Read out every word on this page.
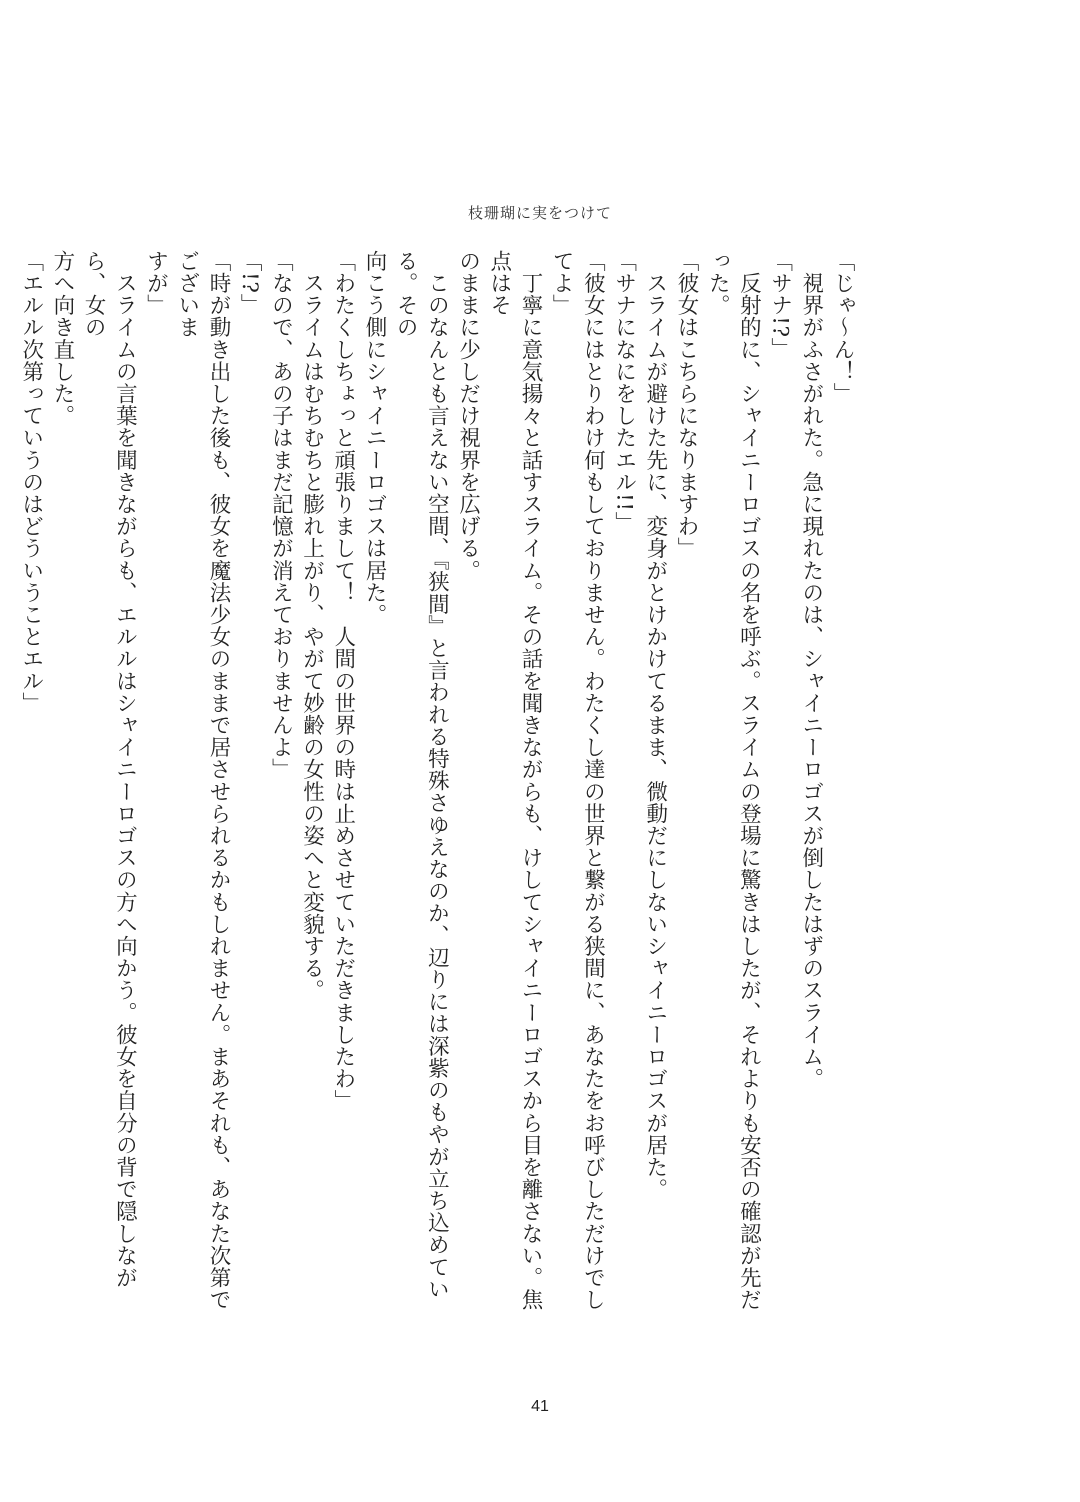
枝珊瑚に実をつけて
「じゃ〜ん！」
　視界がふさがれた。急に現れたのは、シャイニーロゴスが倒したはずのスライム。
「サナ!?」
　反射的に、シャイニーロゴスの名を呼ぶ。スライムの登場に驚きはしたが、それよりも安否の確認が先だった。
「彼女はこちらになりますわ」
　スライムが避けた先に、変身がとけかけてるまま、微動だにしないシャイニーロゴスが居た。
「サナになにをしたエル!!」
「彼女にはとりわけ何もしておりません。わたくし達の世界と繋がる狭間に、あなたをお呼びしただけでしてよ」
　丁寧に意気揚々と話すスライム。その話を聞きながらも、けしてシャイニーロゴスから目を離さない。焦点はそ
のままに少しだけ視界を広げる。
　このなんとも言えない空間、『狭間』と言われる特殊さゆえなのか、辺りには深紫のもやが立ち込めている。その
向こう側にシャイニーロゴスは居た。
「わたくしちょっと頑張りまして！　人間の世界の時は止めさせていただきましたわ」
　スライムはむちむちと膨れ上がり、やがて妙齢の女性の姿へと変貌する。
「なので、あの子はまだ記憶が消えておりませんよ」
「!?」
「時が動き出した後も、彼女を魔法少女のままで居させられるかもしれません。まあそれも、あなた次第でございま
すが」
　スライムの言葉を聞きながらも、エルルはシャイニーロゴスの方へ向かう。彼女を自分の背で隠しながら、女の
方へ向き直した。
「エルル次第っていうのはどういうことエル」
41
